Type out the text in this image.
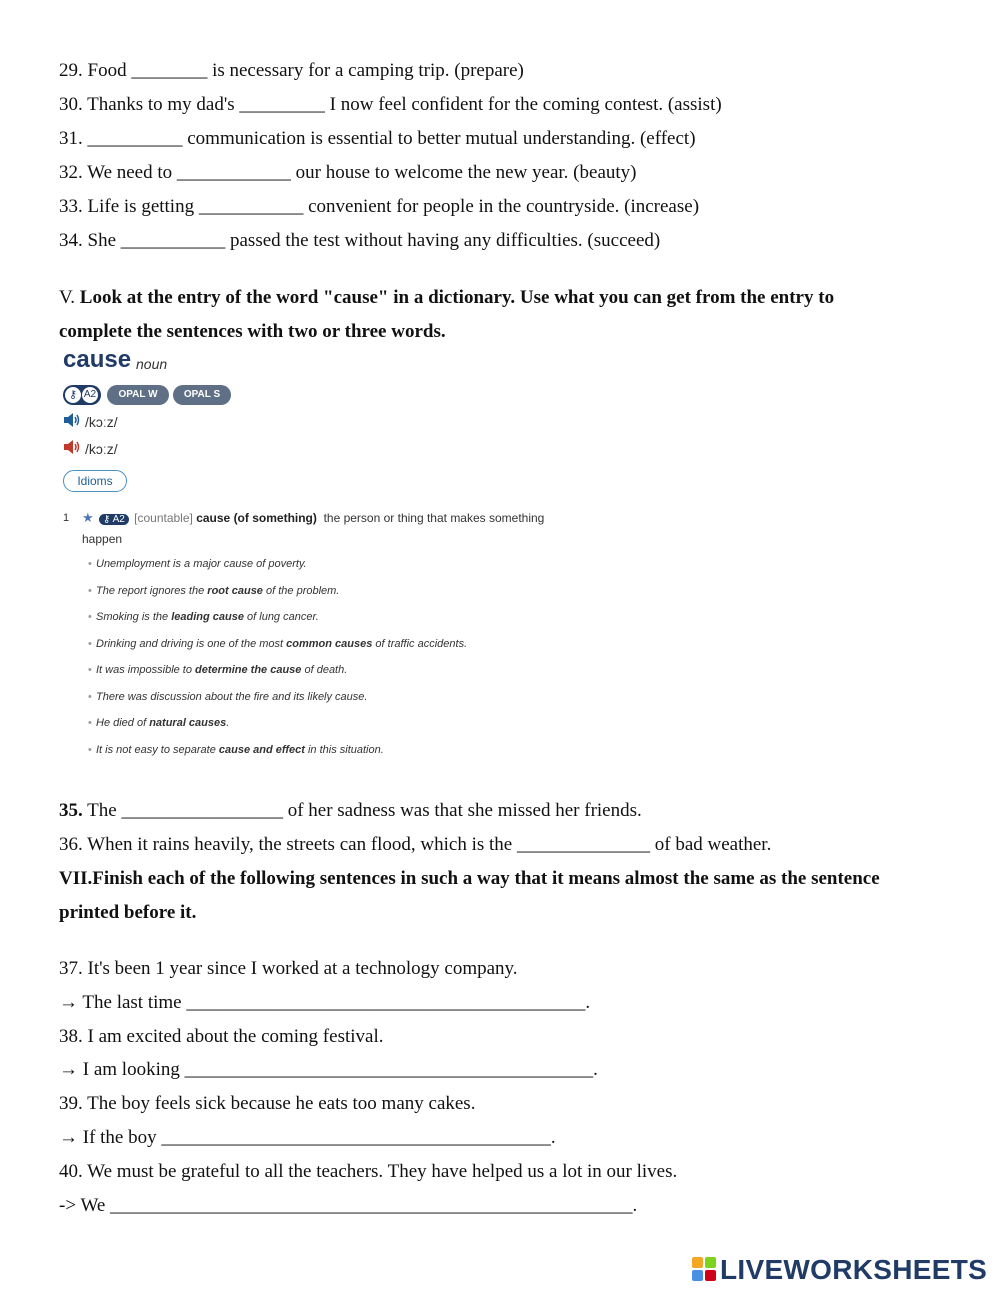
29. Food ________ is necessary for a camping trip. (prepare)
30. Thanks to my dad's _________ I now feel confident for the coming contest. (assist)
31. __________ communication is essential to better mutual understanding. (effect)
32. We need to ____________ our house to welcome the new year. (beauty)
33. Life is getting ___________ convenient for people in the countryside. (increase)
34. She ___________ passed the test without having any difficulties. (succeed)
V. Look at the entry of the word "cause" in a dictionary. Use what you can get from the entry to
complete the sentences with two or three words.
cause noun
⚷ A2	OPAL W	OPAL S
/kɔːz/
/kɔːz/
Idioms
1 ★ ⚷ A2 [countable] cause (of something) the person or thing that makes something
happen
• Unemployment is a major cause of poverty.
• The report ignores the root cause of the problem.
• Smoking is the leading cause of lung cancer.
• Drinking and driving is one of the most common causes of traffic accidents.
• It was impossible to determine the cause of death.
• There was discussion about the fire and its likely cause.
• He died of natural causes.
• It is not easy to separate cause and effect in this situation.
35. The _________________ of her sadness was that she missed her friends.
36. When it rains heavily, the streets can flood, which is the ______________ of bad weather.
VII.Finish each of the following sentences in such a way that it means almost the same as the sentence
printed before it.
37. It's been 1 year since I worked at a technology company.
→ The last time __________________________________________.
38. I am excited about the coming festival.
→ I am looking ___________________________________________.
39. The boy feels sick because he eats too many cakes.
→ If the boy _________________________________________.
40. We must be grateful to all the teachers. They have helped us a lot in our lives.
-> We _______________________________________________________.
LIVEWORKSHEETS
